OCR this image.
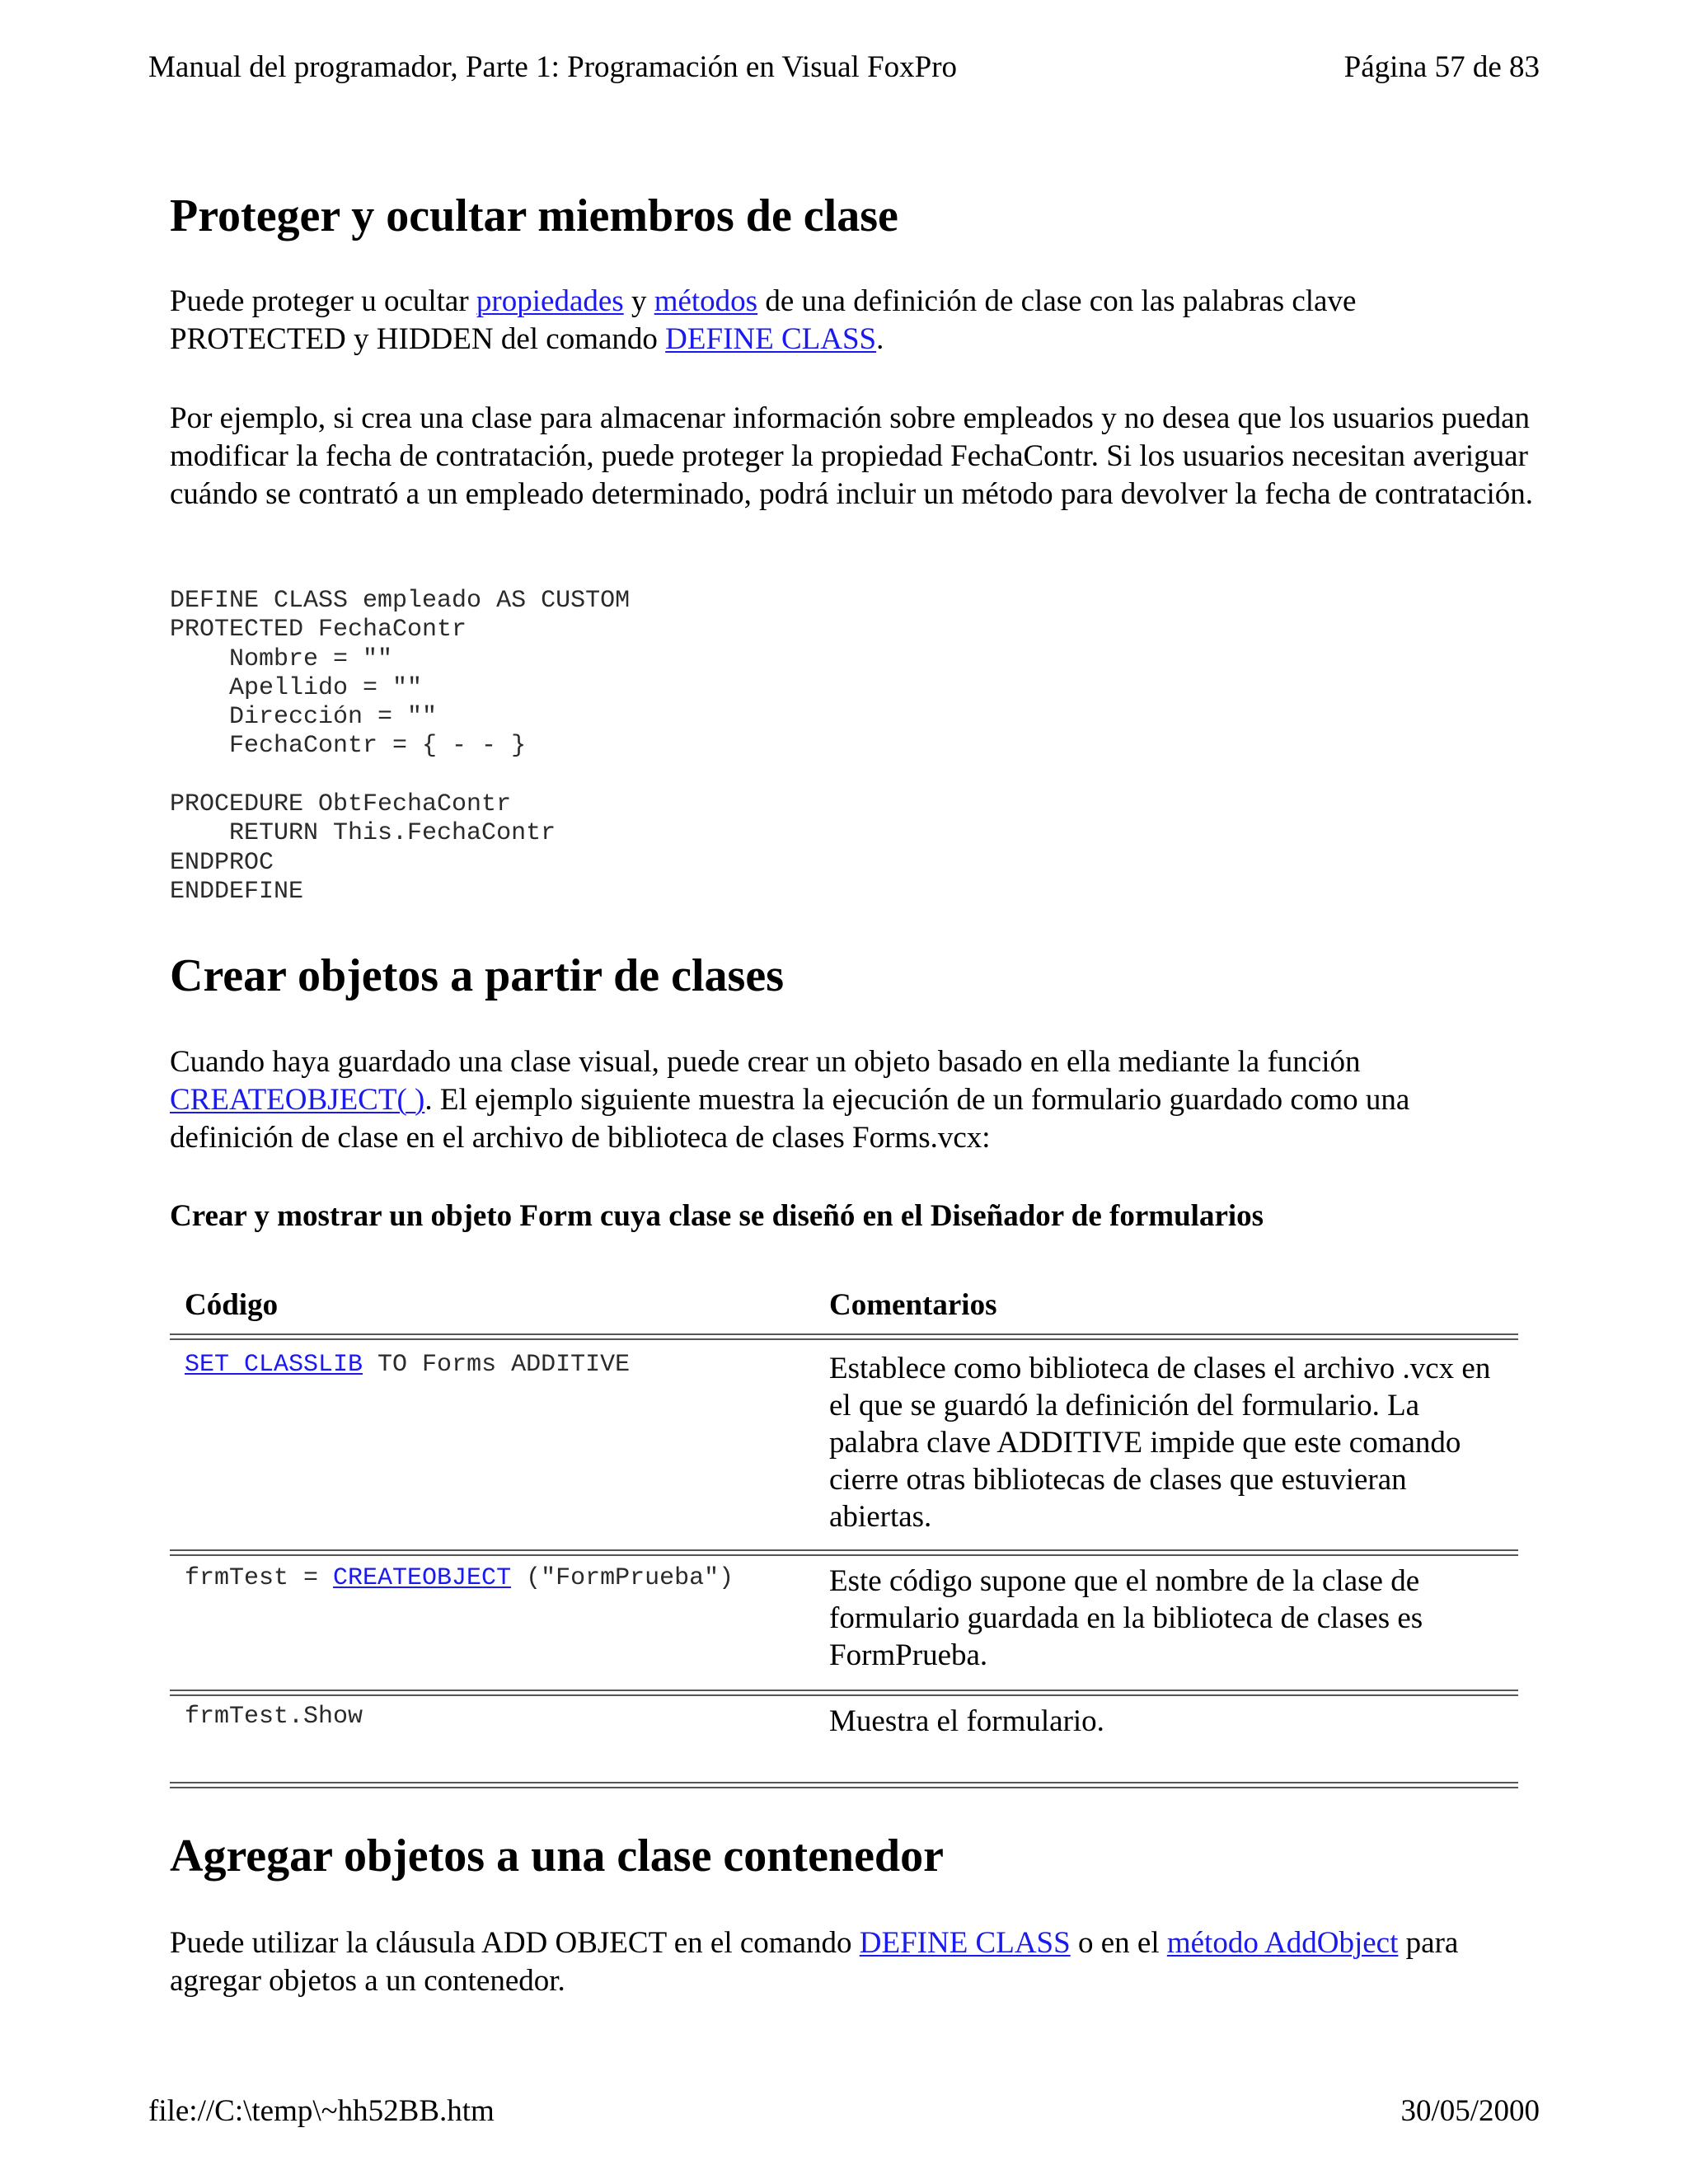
Manual del programador, Parte 1: Programación en Visual FoxPro	Página 57 de 83
Proteger y ocultar miembros de clase

Puede proteger u ocultar propiedades y métodos de una definición de clase con las palabras clave PROTECTED y HIDDEN del comando DEFINE CLASS.

Por ejemplo, si crea una clase para almacenar información sobre empleados y no desea que los usuarios puedan modificar la fecha de contratación, puede proteger la propiedad FechaContr. Si los usuarios necesitan averiguar cuándo se contrató a un empleado determinado, podrá incluir un método para devolver la fecha de contratación.

DEFINE CLASS empleado AS CUSTOM
PROTECTED FechaContr
Nombre = ""
Apellido = ""
Dirección = ""
FechaContr = { - - }

PROCEDURE ObtFechaContr
RETURN This.FechaContr
ENDPROC
ENDDEFINE
Crear objetos a partir de clases

Cuando haya guardado una clase visual, puede crear un objeto basado en ella mediante la función CREATEOBJECT( ). El ejemplo siguiente muestra la ejecución de un formulario guardado como una definición de clase en el archivo de biblioteca de clases Forms.vcx:

Crear y mostrar un objeto Form cuya clase se diseñó en el Diseñador de formularios
Código	Comentarios
SET CLASSLIB TO Forms ADDITIVE	Establece como biblioteca de clases el archivo .vcx en el que se guardó la definición del formulario. La palabra clave ADDITIVE impide que este comando cierre otras bibliotecas de clases que estuvieran abiertas.
frmTest = CREATEOBJECT ("FormPrueba")	Este código supone que el nombre de la clase de formulario guardada en la biblioteca de clases es FormPrueba.
frmTest.Show	Muestra el formulario.
Agregar objetos a una clase contenedor

Puede utilizar la cláusula ADD OBJECT en el comando DEFINE CLASS o en el método AddObject para agregar objetos a un contenedor.

file://C:\temp\~hh52BB.htm	30/05/2000
